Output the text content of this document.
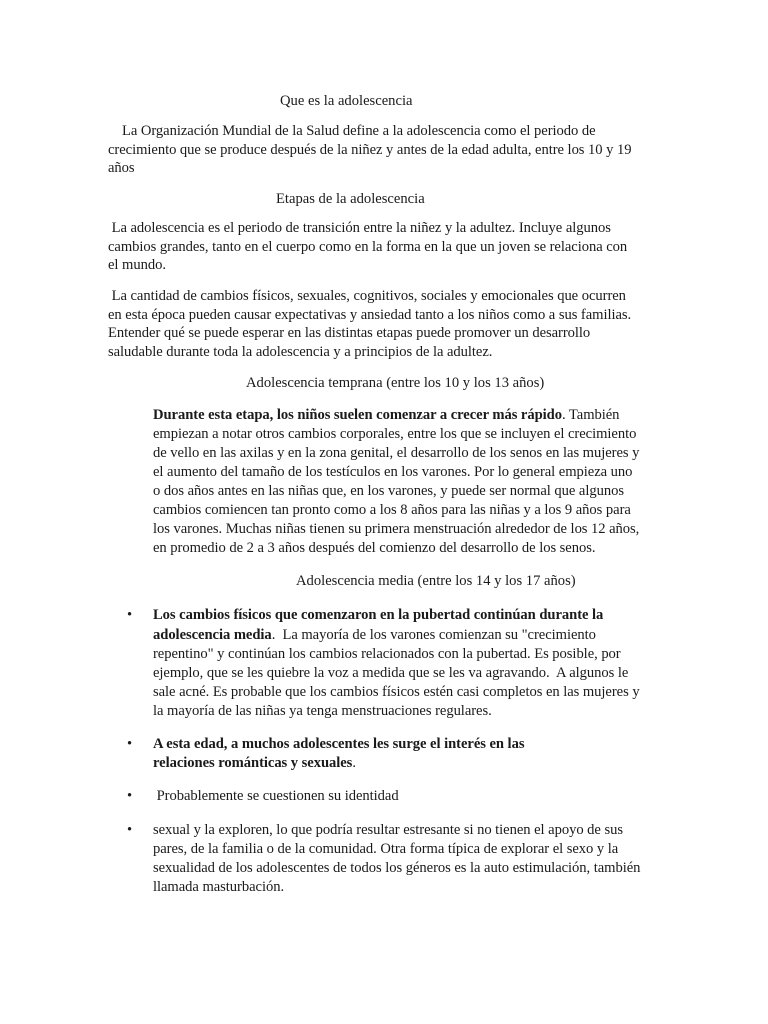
Que es la adolescencia
La Organización Mundial de la Salud define a la adolescencia como el periodo de
crecimiento que se produce después de la niñez y antes de la edad adulta, entre los 10 y 19
años
Etapas de la adolescencia
La adolescencia es el periodo de transición entre la niñez y la adultez. Incluye algunos
cambios grandes, tanto en el cuerpo como en la forma en la que un joven se relaciona con
el mundo.
La cantidad de cambios físicos, sexuales, cognitivos, sociales y emocionales que ocurren
en esta época pueden causar expectativas y ansiedad tanto a los niños como a sus familias.
Entender qué se puede esperar en las distintas etapas puede promover un desarrollo
saludable durante toda la adolescencia y a principios de la adultez.
Adolescencia temprana (entre los 10 y los 13 años)
Durante esta etapa, los niños suelen comenzar a crecer más rápido. También
empiezan a notar otros cambios corporales, entre los que se incluyen el crecimiento
de vello en las axilas y en la zona genital, el desarrollo de los senos en las mujeres y
el aumento del tamaño de los testículos en los varones. Por lo general empieza uno
o dos años antes en las niñas que, en los varones, y puede ser normal que algunos
cambios comiencen tan pronto como a los 8 años para las niñas y a los 9 años para
los varones. Muchas niñas tienen su primera menstruación alrededor de los 12 años,
en promedio de 2 a 3 años después del comienzo del desarrollo de los senos.
Adolescencia media (entre los 14 y los 17 años)
•	Los cambios físicos que comenzaron en la pubertad continúan durante la
adolescencia media.  La mayoría de los varones comienzan su "crecimiento
repentino" y continúan los cambios relacionados con la pubertad. Es posible, por
ejemplo, que se les quiebre la voz a medida que se les va agravando.  A algunos le
sale acné. Es probable que los cambios físicos estén casi completos en las mujeres y
la mayoría de las niñas ya tenga menstruaciones regulares.
•	A esta edad, a muchos adolescentes les surge el interés en las
relaciones románticas y sexuales.
•	Probablemente se cuestionen su identidad
•	sexual y la exploren, lo que podría resultar estresante si no tienen el apoyo de sus
pares, de la familia o de la comunidad. Otra forma típica de explorar el sexo y la
sexualidad de los adolescentes de todos los géneros es la auto estimulación, también
llamada masturbación.
